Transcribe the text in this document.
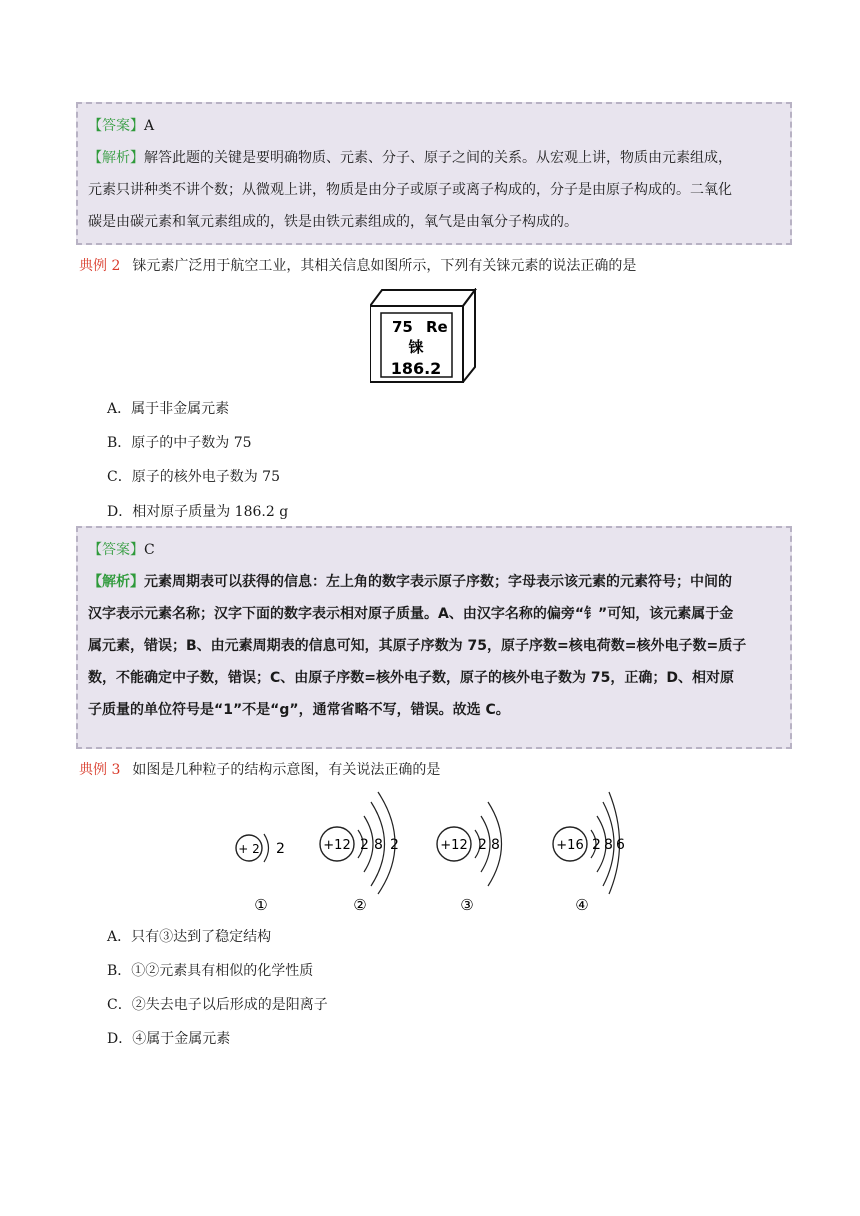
【答案】A

【解析】解答此题的关键是要明确物质、元素、分子、原子之间的关系。从宏观上讲，物质由元素组成，

元素只讲种类不讲个数；从微观上讲，物质是由分子或原子或离子构成的，分子是由原子构成的。二氧化

碳是由碳元素和氧元素组成的，铁是由铁元素组成的，氧气是由氧分子构成的。

典例 2 铼元素广泛用于航空工业，其相关信息如图所示，下列有关铼元素的说法正确的是
75 Re
铼
186.2
A．属于非金属元素
B．原子的中子数为 75
C．原子的核外电子数为 75
D．相对原子质量为 186.2 g

【答案】C

【解析】元素周期表可以获得的信息：左上角的数字表示原子序数；字母表示该元素的元素符号；中间的

汉字表示元素名称；汉字下面的数字表示相对原子质量。A、由汉字名称的偏旁“钅”可知，该元素属于金

属元素，错误；B、由元素周期表的信息可知，其原子序数为 75，原子序数=核电荷数=核外电子数=质子

数，不能确定中子数，错误；C、由原子序数=核外电子数，原子的核外电子数为 75，正确；D、相对原

子质量的单位符号是“1”不是“g”，通常省略不写，错误。故选 C。

典例 3 如图是几种粒子的结构示意图，有关说法正确的是
+ 2 2
①
+12 2 8 2
②
+12 2 8
③
+16 2 8 6
④
A．只有③达到了稳定结构
B．①②元素具有相似的化学性质
C．②失去电子以后形成的是阳离子
D．④属于金属元素
